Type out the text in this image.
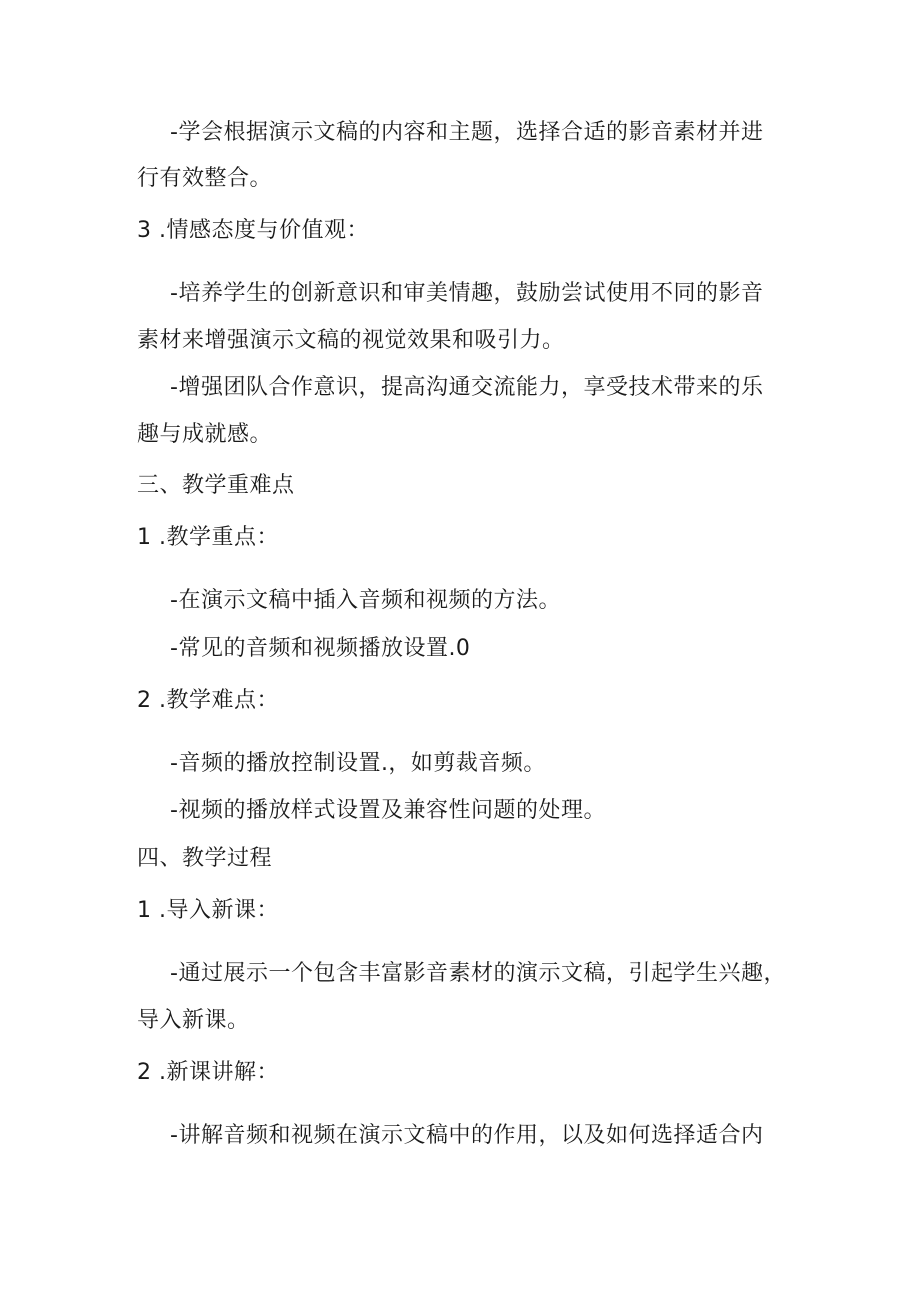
-学会根据演示文稿的内容和主题，选择合适的影音素材并进
行有效整合。
3 .情感态度与价值观：
-培养学生的创新意识和审美情趣，鼓励尝试使用不同的影音
素材来增强演示文稿的视觉效果和吸引力。
-增强团队合作意识，提高沟通交流能力，享受技术带来的乐
趣与成就感。
三、教学重难点
1 .教学重点：
-在演示文稿中插入音频和视频的方法。
-常见的音频和视频播放设置.0
2 .教学难点：
-音频的播放控制设置.，如剪裁音频。
-视频的播放样式设置及兼容性问题的处理。
四、教学过程
1 .导入新课：
-通过展示一个包含丰富影音素材的演示文稿，引起学生兴趣，
导入新课。
2 .新课讲解：
-讲解音频和视频在演示文稿中的作用，以及如何选择适合内
